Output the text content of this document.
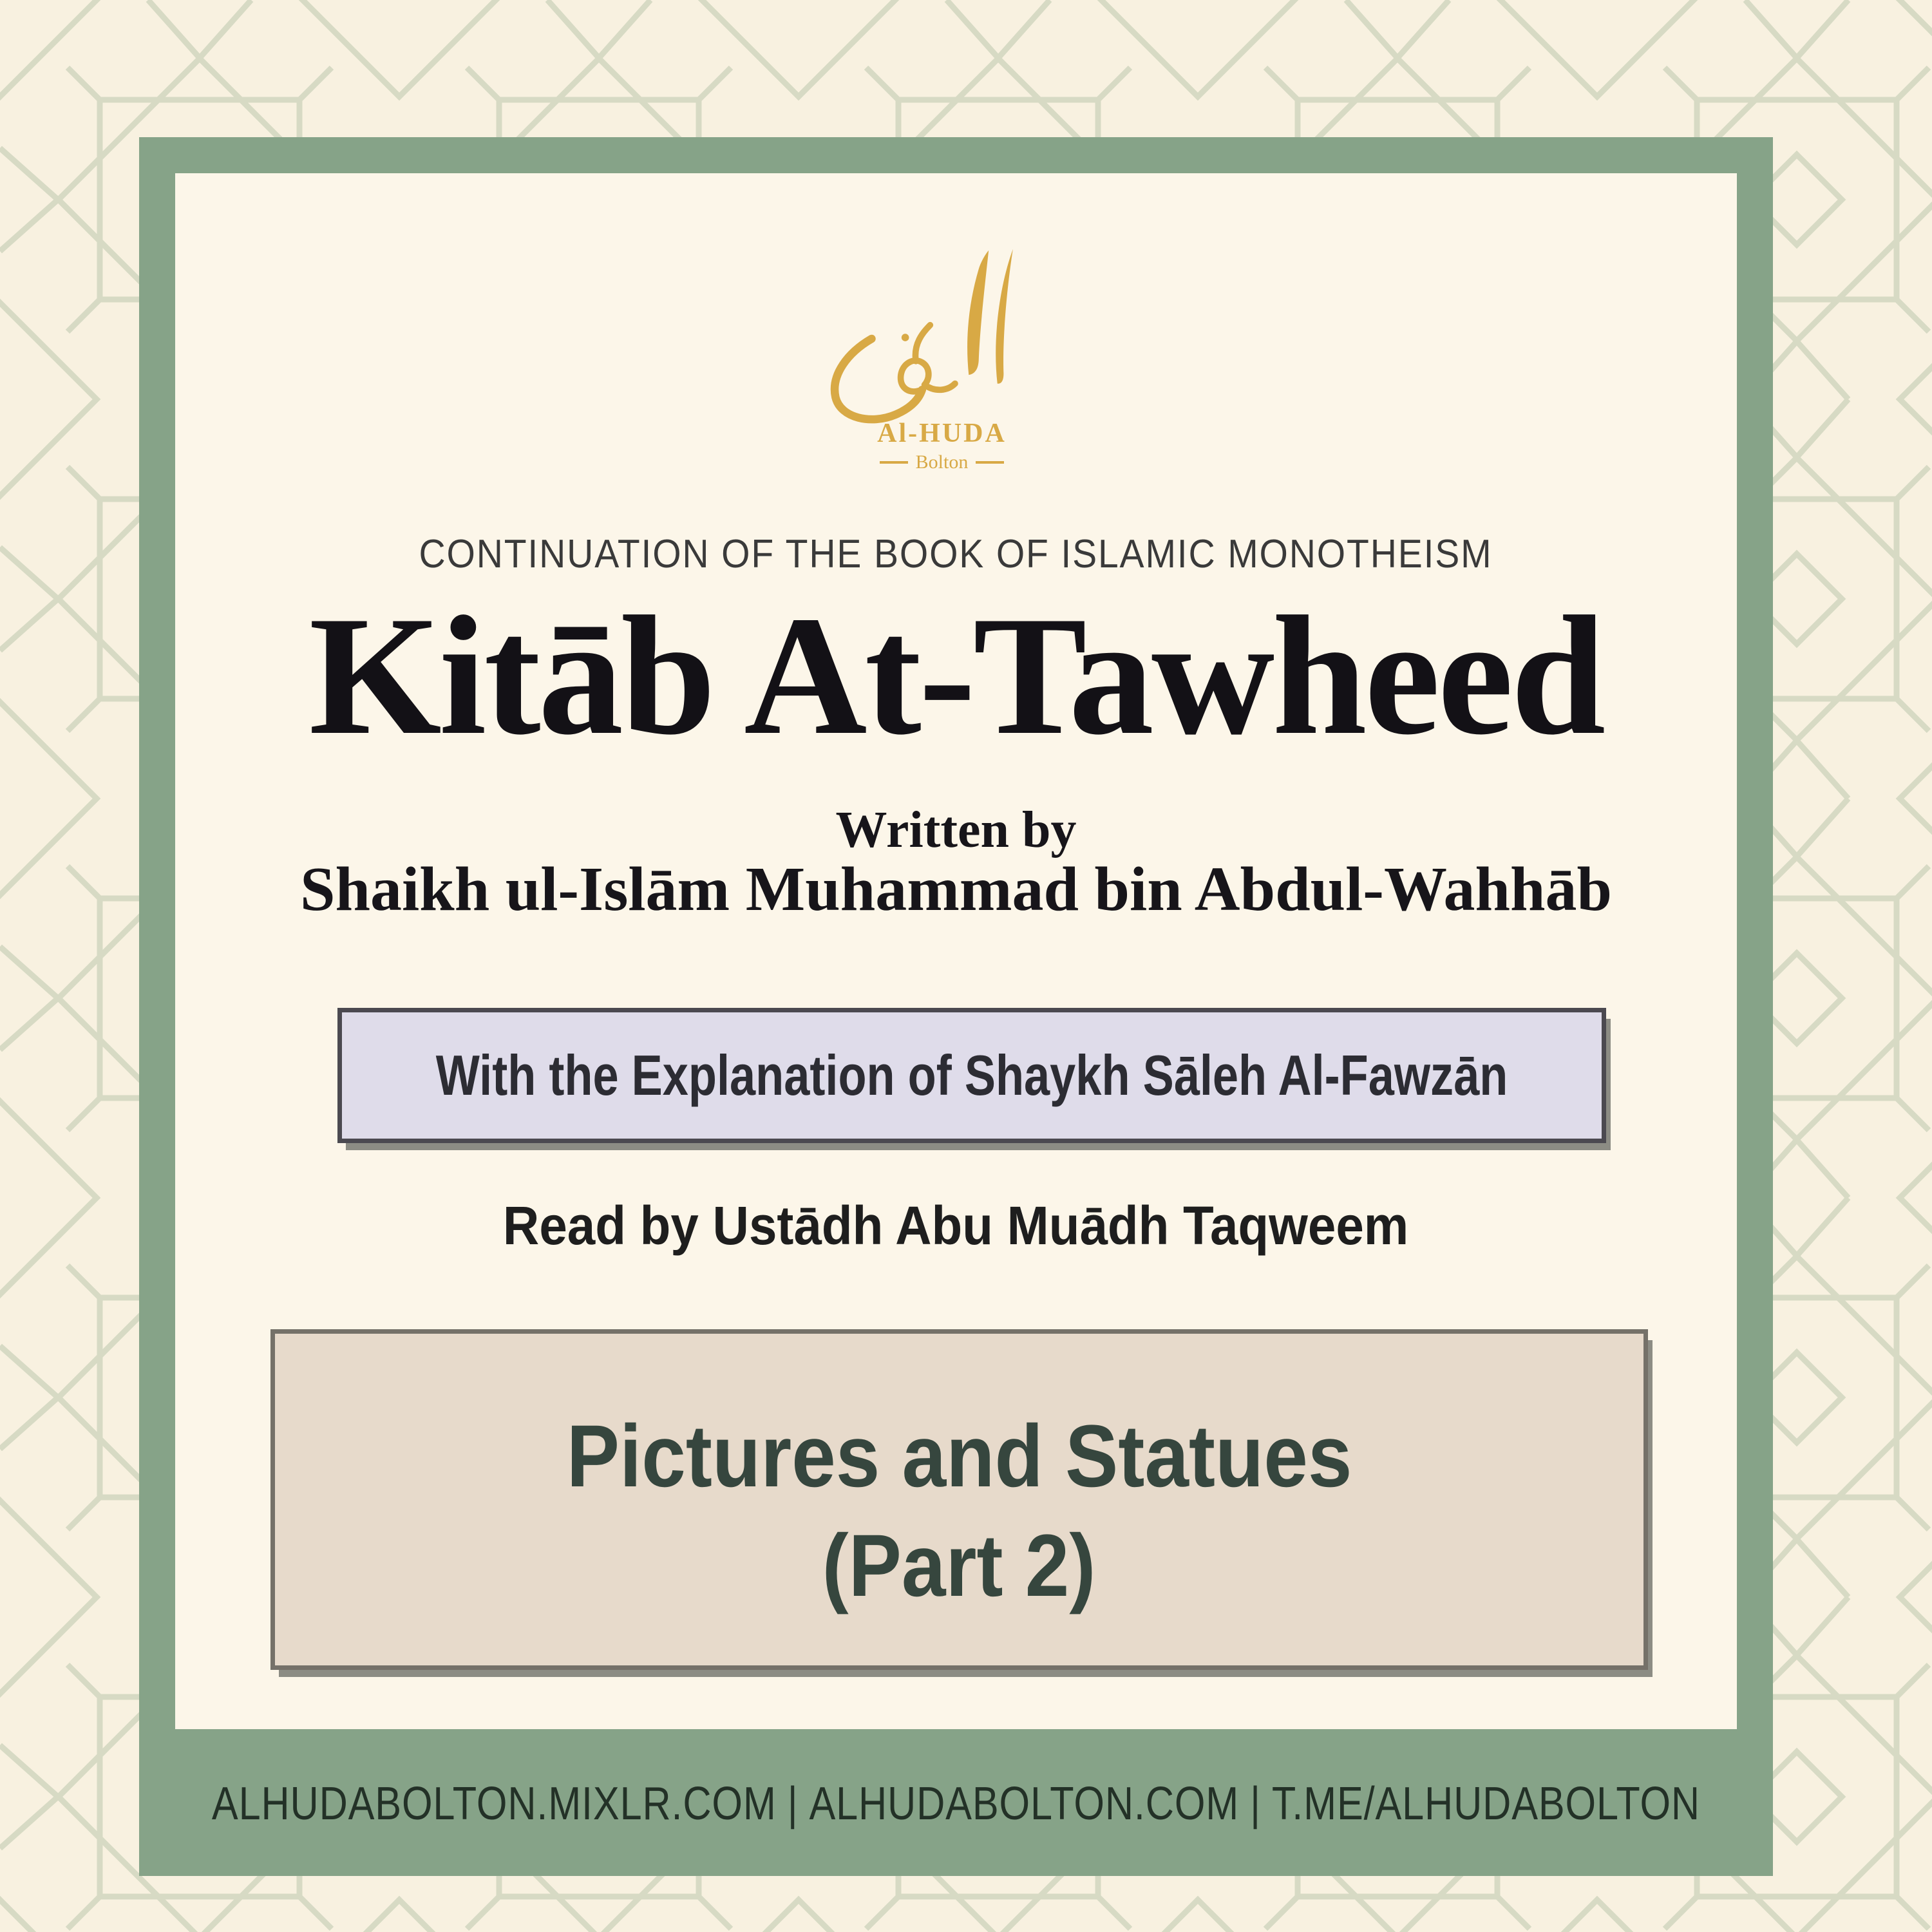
Al-HUDA
Bolton
CONTINUATION OF THE BOOK OF ISLAMIC MONOTHEISM
Kitāb At-Tawheed
Written by
Shaikh ul-Islām Muhammad bin Abdul-Wahhāb
With the Explanation of Shaykh Sāleh Al-Fawzān
Read by Ustādh Abu Muādh Taqweem
Pictures and Statues
(Part 2)
ALHUDABOLTON.MIXLR.COM | ALHUDABOLTON.COM | T.ME/ALHUDABOLTON
